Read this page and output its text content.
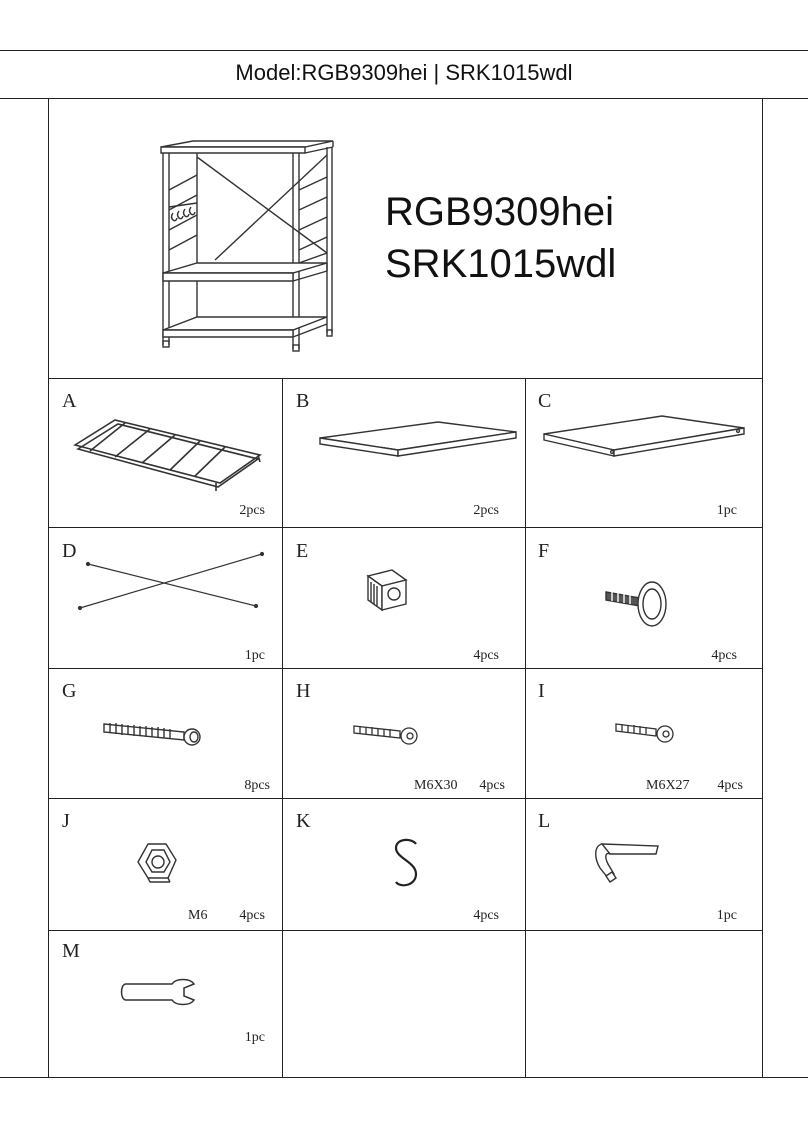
Model:RGB9309hei | SRK1015wdl
RGB9309hei
SRK1015wdl
A
2pcs
B
2pcs
C
1pc
D
1pc
E
4pcs
F
4pcs
G
8pcs
H
M6X30	4pcs
I
M6X27	4pcs
J
M6	4pcs
K
4pcs
L
1pc
M
1pc
